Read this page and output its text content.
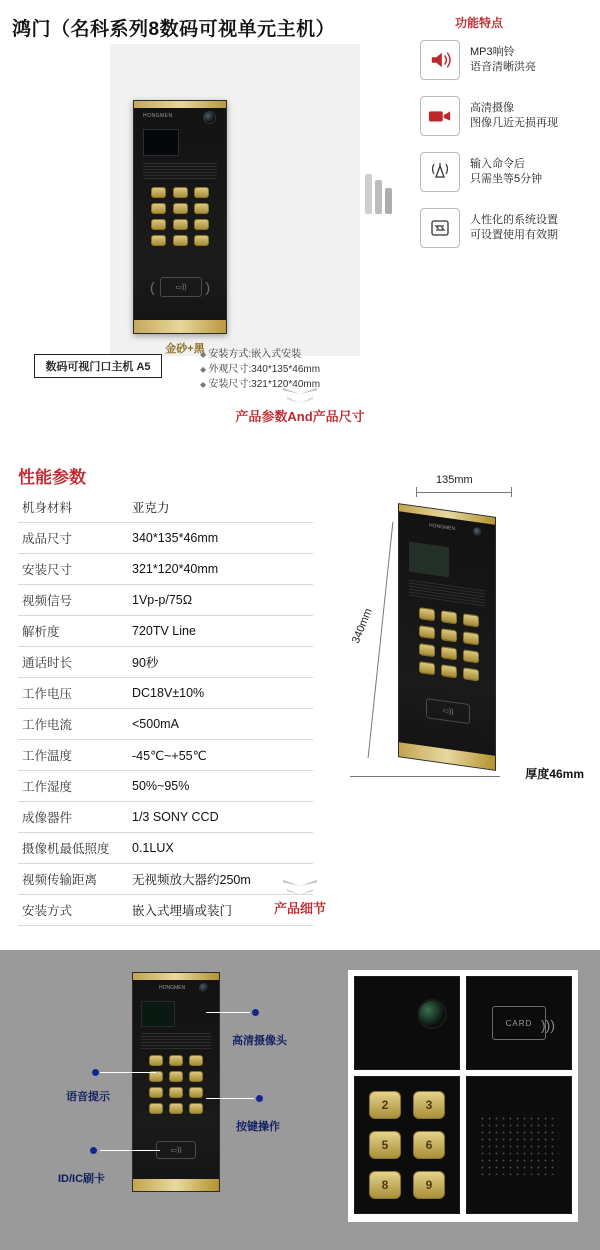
鸿门（名科系列8数码可视单元主机）
HONGMEN
(	▭)) )
金砂+黑
数码可视门口主机 A5
◆ 安装方式:嵌入式安装
◆ 外观尺寸:340*135*46mm
◆ 安装尺寸:321*120*40mm
功能特点
MP3响铃
语音清晰洪亮
高清摄像
图像几近无损再现
输入命令后
只需坐等5分钟
人性化的系统设置
可设置使用有效期
产品参数And产品尺寸
性能参数
机身材料	亚克力
成品尺寸	340*135*46mm
安装尺寸	321*120*40mm
视频信号	1Vp-p/75Ω
解析度	720TV Line
通话时长	90秒
工作电压	DC18V±10%
工作电流	<500mA
工作温度	-45℃~+55℃
工作湿度	50%~95%
成像器件	1/3 SONY CCD
摄像机最低照度	0.1LUX
视频传输距离	无视频放大器约250m
安装方式	嵌入式埋墙或装门
135mm
340mm
HONGMEN
▭))
厚度46mm
产品细节
HONGMEN
▭))
高清摄像头
语音提示
按键操作
ID/IC刷卡
CARD )))
2	3
5	6
8	9
